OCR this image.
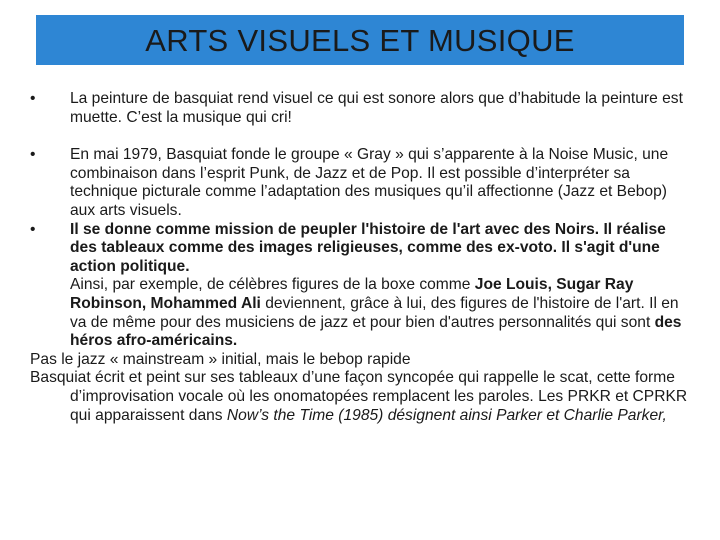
ARTS VISUELS ET MUSIQUE

• La peinture de basquiat rend visuel ce qui est sonore alors que d’habitude la peinture est muette. C’est la musique qui cri!

• En mai 1979, Basquiat fonde le groupe « Gray » qui s’apparente à la Noise Music, une combinaison dans l’esprit Punk, de Jazz et de Pop. Il est possible d’interpréter sa technique picturale comme l’adaptation des musiques qu’il affectionne (Jazz et Bebop) aux arts visuels.

• Il se donne comme mission de peupler l'histoire de l'art avec des Noirs. Il réalise des tableaux comme des images religieuses, comme des ex-voto. Il s'agit d'une action politique.

Ainsi, par exemple, de célèbres figures de la boxe comme Joe Louis, Sugar Ray Robinson, Mohammed Ali deviennent, grâce à lui, des figures de l'histoire de l'art. Il en va de même pour des musiciens de jazz et pour bien d'autres personnalités qui sont des héros afro-américains.

Pas le jazz « mainstream » initial, mais le bebop rapide

Basquiat écrit et peint sur ses tableaux d’une façon syncopée qui rappelle le scat, cette forme d’improvisation vocale où les onomatopées remplacent les paroles. Les PRKR et CPRKR qui apparaissent dans Now’s the Time (1985) désignent ainsi Parker et Charlie Parker,
